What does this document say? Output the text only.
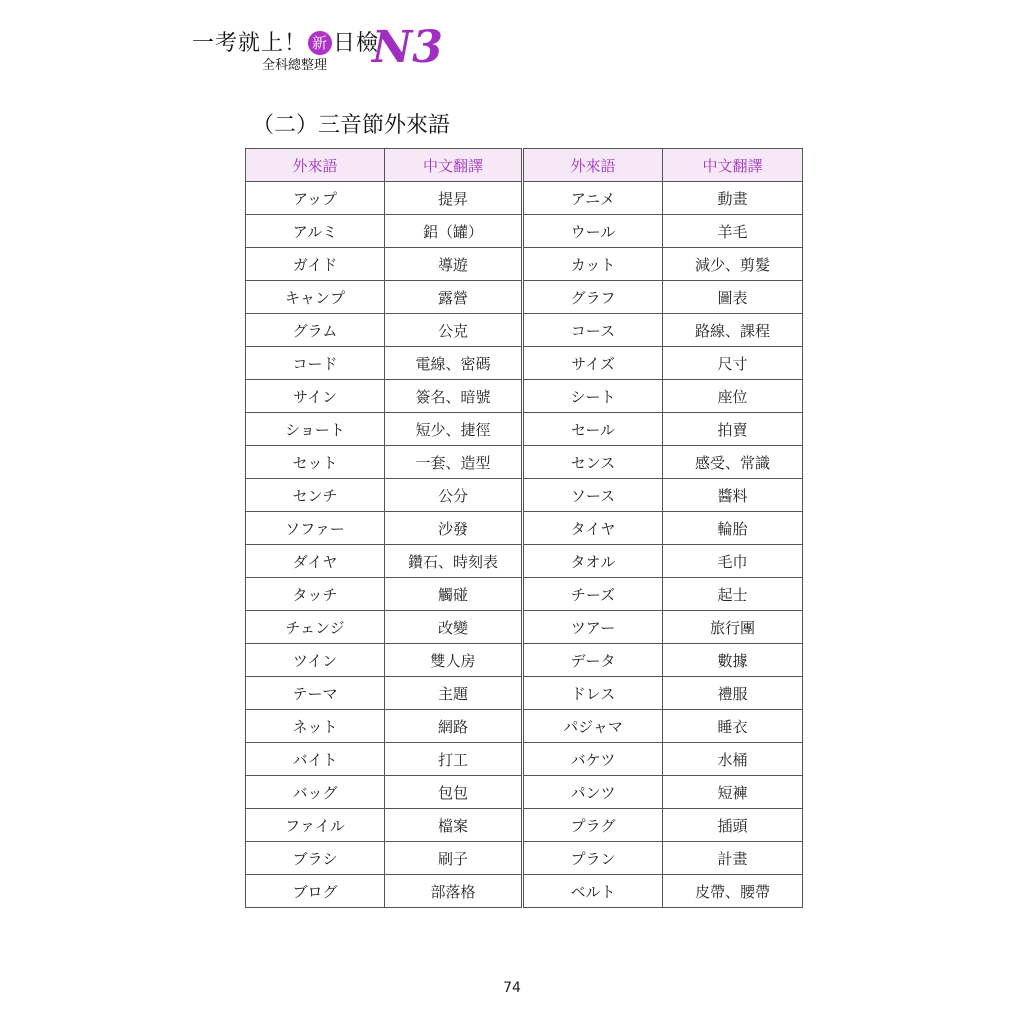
一考就上！ 新 日檢
全科總整理 N3
（二）三音節外來語
外來語	中文翻譯	外來語	中文翻譯
アップ	提昇	アニメ	動畫
アルミ	鋁（罐）	ウール	羊毛
ガイド	導遊	カット	減少、剪髮
キャンプ	露營	グラフ	圖表
グラム	公克	コース	路線、課程
コード	電線、密碼	サイズ	尺寸
サイン	簽名、暗號	シート	座位
ショート	短少、捷徑	セール	拍賣
セット	一套、造型	センス	感受、常識
センチ	公分	ソース	醬料
ソファー	沙發	タイヤ	輪胎
ダイヤ	鑽石、時刻表	タオル	毛巾
タッチ	觸碰	チーズ	起士
チェンジ	改變	ツアー	旅行團
ツイン	雙人房	データ	數據
テーマ	主題	ドレス	禮服
ネット	網路	パジャマ	睡衣
バイト	打工	バケツ	水桶
バッグ	包包	パンツ	短褲
ファイル	檔案	プラグ	插頭
ブラシ	刷子	プラン	計畫
ブログ	部落格	ベルト	皮帶、腰帶
74
